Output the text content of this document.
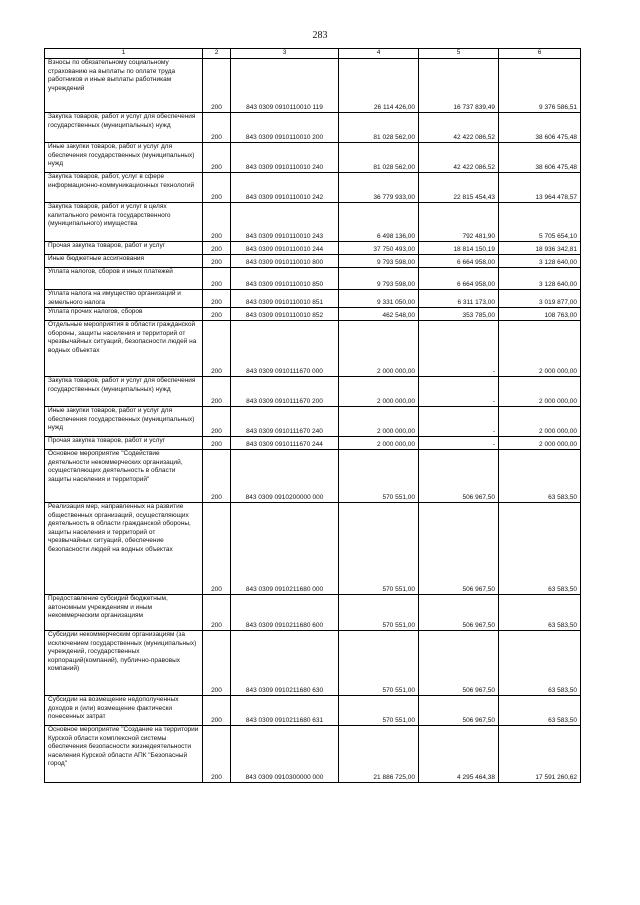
283
1	2	3	4	5	6
Взносы по обязательному социальному страхованию на выплаты по оплате труда работников и иные выплаты работникам учреждений	200	843 0309 0910110010 119	26 114 426,00	16 737 839,49	9 376 586,51
Закупка товаров, работ и услуг для обеспечения государственных (муниципальных) нужд	200	843 0309 0910110010 200	81 028 562,00	42 422 086,52	38 606 475,48
Иные закупки товаров, работ и услуг для обеспечения государственных (муниципальных) нужд	200	843 0309 0910110010 240	81 028 562,00	42 422 086,52	38 606 475,48
Закупка товаров, работ, услуг в сфере информационно-коммуникационных технологий	200	843 0309 0910110010 242	36 779 933,00	22 815 454,43	13 964 478,57
Закупка товаров, работ и услуг в целях капитального ремонта государственного (муниципального) имущества	200	843 0309 0910110010 243	6 498 136,00	792 481,90	5 705 654,10
Прочая закупка товаров, работ и услуг	200	843 0309 0910110010 244	37 750 493,00	18 814 150,19	18 936 342,81
Иные бюджетные ассигнования	200	843 0309 0910110010 800	9 793 598,00	6 664 958,00	3 128 640,00
Уплата налогов, сборов и иных платежей	200	843 0309 0910110010 850	9 793 598,00	6 664 958,00	3 128 640,00
Уплата налога на имущество организаций и земельного налога	200	843 0309 0910110010 851	9 331 050,00	6 311 173,00	3 019 877,00
Уплата прочих налогов, сборов	200	843 0309 0910110010 852	462 548,00	353 785,00	108 763,00
Отдельные мероприятия в области гражданской обороны, защиты населения и территорий от чрезвычайных ситуаций, безопасности людей на водных объектах	200	843 0309 0910111670 000	2 000 000,00	-	2 000 000,00
Закупка товаров, работ и услуг для обеспечения государственных (муниципальных) нужд	200	843 0309 0910111670 200	2 000 000,00	-	2 000 000,00
Иные закупки товаров, работ и услуг для обеспечения государственных (муниципальных) нужд	200	843 0309 0910111670 240	2 000 000,00	-	2 000 000,00
Прочая закупка товаров, работ и услуг	200	843 0309 0910111670 244	2 000 000,00	-	2 000 000,00
Основное мероприятие "Содействие деятельности некоммерческих организаций, осуществляющих деятельность в области защиты населения и территорий"	200	843 0309 0910200000 000	570 551,00	506 967,50	63 583,50
Реализация мер, направленных на развитие общественных организаций, осуществляющих деятельность в области гражданской обороны, защиты населения и территорий от чрезвычайных ситуаций, обеспечение безопасности людей на водных объектах	200	843 0309 0910211680 000	570 551,00	506 967,50	63 583,50
Предоставление субсидий бюджетным, автономным учреждениям и иным некоммерческим организациям	200	843 0309 0910211680 600	570 551,00	506 967,50	63 583,50
Субсидии некоммерческим организациям (за исключением государственных (муниципальных) учреждений, государственных корпораций(компаний), публично-правовых компаний)	200	843 0309 0910211680 630	570 551,00	506 967,50	63 583,50
Субсидии на возмещение недополученных доходов и (или) возмещение фактически понесенных затрат	200	843 0309 0910211680 631	570 551,00	506 967,50	63 583,50
Основное мероприятие "Создание на территории Курской области комплексной системы обеспечения безопасности жизнедеятельности населения Курской области АПК "Безопасный город"	200	843 0309 0910300000 000	21 886 725,00	4 295 464,38	17 591 260,62
